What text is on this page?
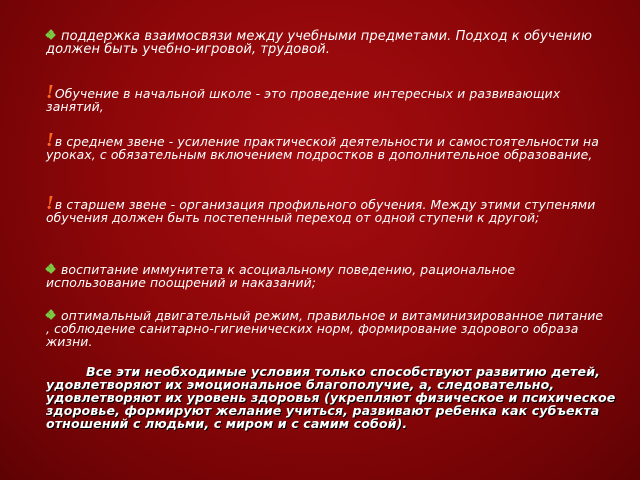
поддержка взаимосвязи между учебными предметами. Подход к обучению должен быть учебно-игровой, трудовой.

!Обучение в начальной школе - это проведение интересных и развивающих занятий,

!в среднем звене - усиление практической деятельности и самостоятельности на уроках, с обязательным включением подростков в дополнительное образование,

!в старшем звене - организация профильного обучения. Между этими ступенями обучения должен быть постепенный переход от одной ступени к другой;

воспитание иммунитета к асоциальному поведению, рациональное использование поощрений и наказаний;

оптимальный двигательный режим, правильное и витаминизированное питание , соблюдение санитарно-гигиенических норм, формирование здорового образа жизни.

Все эти необходимые условия только способствуют развитию детей, удовлетворяют их эмоциональное благополучие, а, следовательно, удовлетворяют их уровень здоровья (укрепляют физическое и психическое здоровье, формируют желание учиться, развивают ребенка как субъекта отношений с людьми, с миром и с самим собой).
